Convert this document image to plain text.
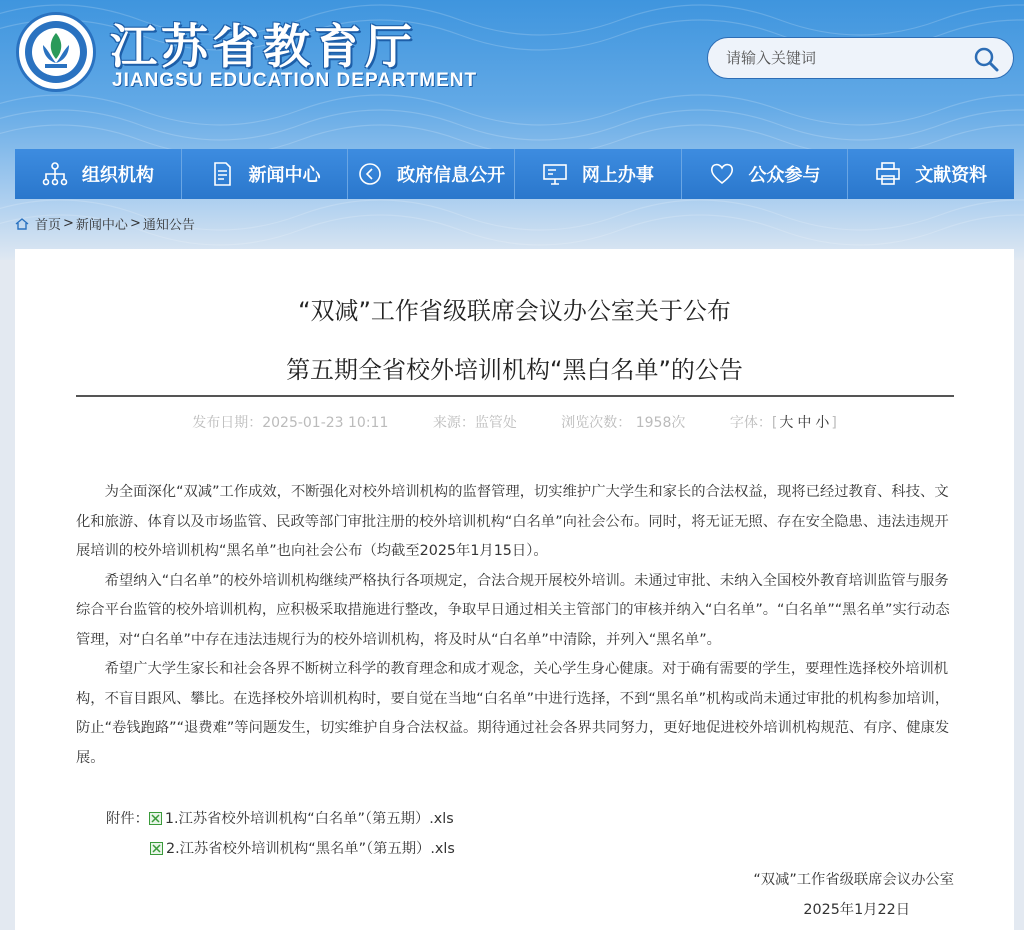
江苏省教育厅
JIANGSU EDUCATION DEPARTMENT
请输入关键词
组织机构	新闻中心	政府信息公开	网上办事	公众参与	文献资料
首页 > 新闻中心 > 通知公告
“双减”工作省级联席会议办公室关于公布
第五期全省校外培训机构“黑白名单”的公告
发布日期：2025-01-23 10:11	来源：监管处	浏览次数： 1958次	字体：[ 大 中 小 ]

为全面深化“双减”工作成效，不断强化对校外培训机构的监督管理，切实维护广大学生和家长的合法权益，现将已经过教育、科技、文化和旅游、体育以及市场监管、民政等部门审批注册的校外培训机构“白名单”向社会公布。同时，将无证无照、存在安全隐患、违法违规开展培训的校外培训机构“黑名单”也向社会公布（均截至2025年1月15日）。

希望纳入“白名单”的校外培训机构继续严格执行各项规定，合法合规开展校外培训。未通过审批、未纳入全国校外教育培训监管与服务综合平台监管的校外培训机构，应积极采取措施进行整改，争取早日通过相关主管部门的审核并纳入“白名单”。“白名单”“黑名单”实行动态管理，对“白名单”中存在违法违规行为的校外培训机构，将及时从“白名单”中清除，并列入“黑名单”。

希望广大学生家长和社会各界不断树立科学的教育理念和成才观念，关心学生身心健康。对于确有需要的学生，要理性选择校外培训机构，不盲目跟风、攀比。在选择校外培训机构时，要自觉在当地“白名单”中进行选择，不到“黑名单”机构或尚未通过审批的机构参加培训，防止“卷钱跑路”“退费难”等问题发生，切实维护自身合法权益。期待通过社会各界共同努力，更好地促进校外培训机构规范、有序、健康发展。

附件： 1.江苏省校外培训机构“白名单”（第五期）.xls
2.江苏省校外培训机构“黑名单”（第五期）.xls
“双减”工作省级联席会议办公室
2025年1月22日
